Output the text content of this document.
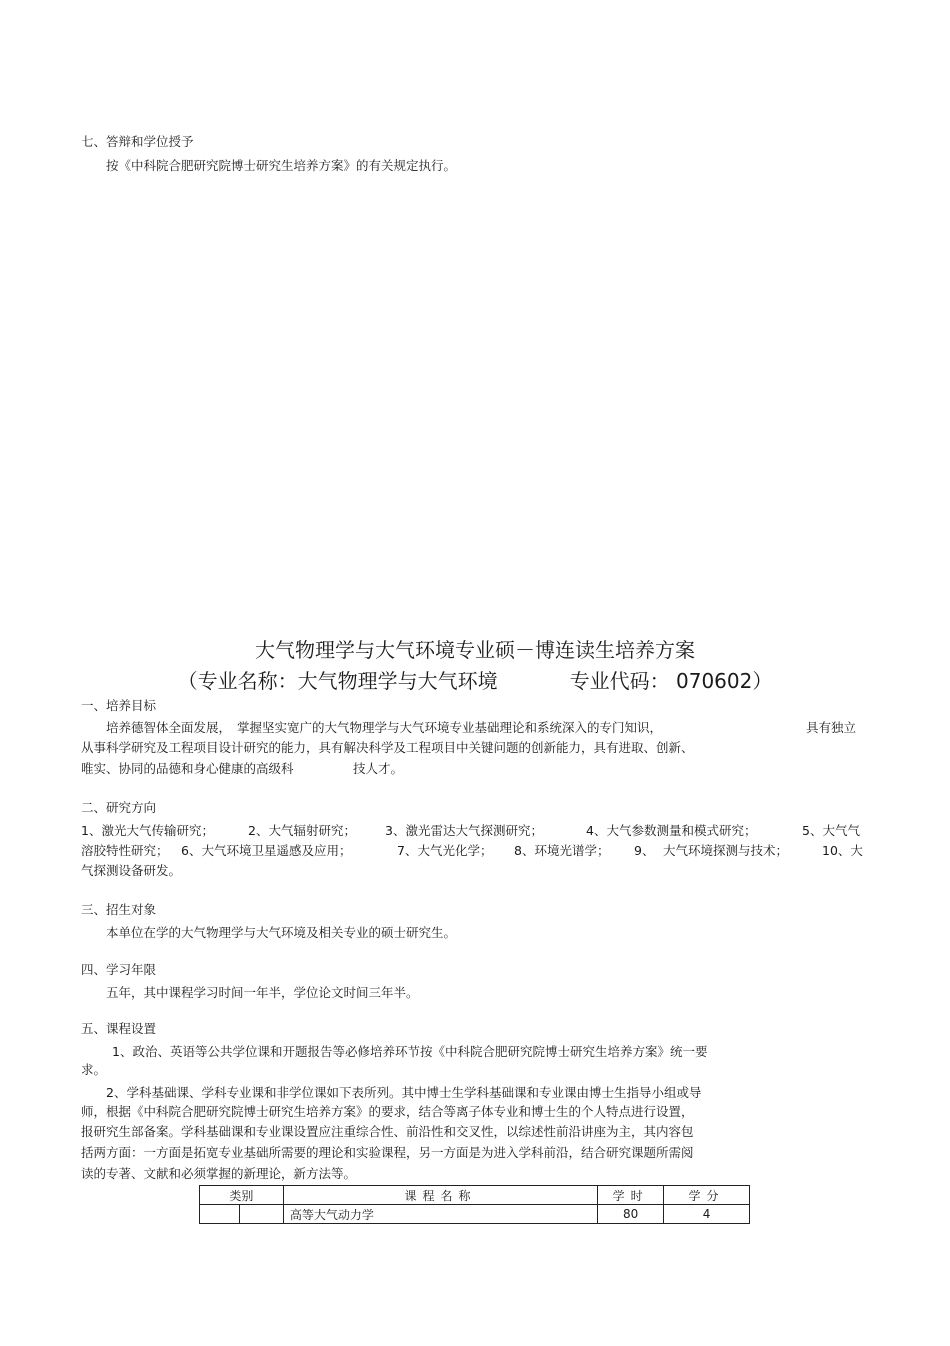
七、答辩和学位授予
按《中科院合肥研究院博士研究生培养方案》的有关规定执行。
大气物理学与大气环境专业硕－博连读生培养方案
（专业名称：大气物理学与大气环境	专业代码： 070602）
一、培养目标
培养德智体全面发展， 掌握坚实宽广的大气物理学与大气环境专业基础理论和系统深入的专门知识，	具有独立
从事科学研究及工程项目设计研究的能力，具有解决科学及工程项目中关键问题的创新能力，具有进取、创新、
唯实、协同的品德和身心健康的高级科	技人才。
二、研究方向
1、激光大气传输研究；	2、大气辐射研究； 3、激光雷达大气探测研究；	4、大气参数测量和模式研究；	5、大气气
溶胶特性研究； 6、大气环境卫星遥感及应用；	7、大气光化学； 8、环境光谱学； 9、 大气环境探测与技术；	10、大
气探测设备研发。
三、招生对象
本单位在学的大气物理学与大气环境及相关专业的硕士研究生。
四、学习年限
五年，其中课程学习时间一年半，学位论文时间三年半。
五、课程设置
1、政治、英语等公共学位课和开题报告等必修培养环节按《中科院合肥研究院博士研究生培养方案》统一要
求。
2、学科基础课、学科专业课和非学位课如下表所列。其中博士生学科基础课和专业课由博士生指导小组或导
师，根据《中科院合肥研究院博士研究生培养方案》的要求，结合等离子体专业和博士生的个人特点进行设置，
报研究生部备案。学科基础课和专业课设置应注重综合性、前沿性和交叉性，以综述性前沿讲座为主，其内容包
括两方面：一方面是拓宽专业基础所需要的理论和实验课程，另一方面是为进入学科前沿，结合研究课题所需阅
读的专著、文献和必须掌握的新理论，新方法等。
类别		课程名称	学时	学分
		高等大气动力学	80	4
